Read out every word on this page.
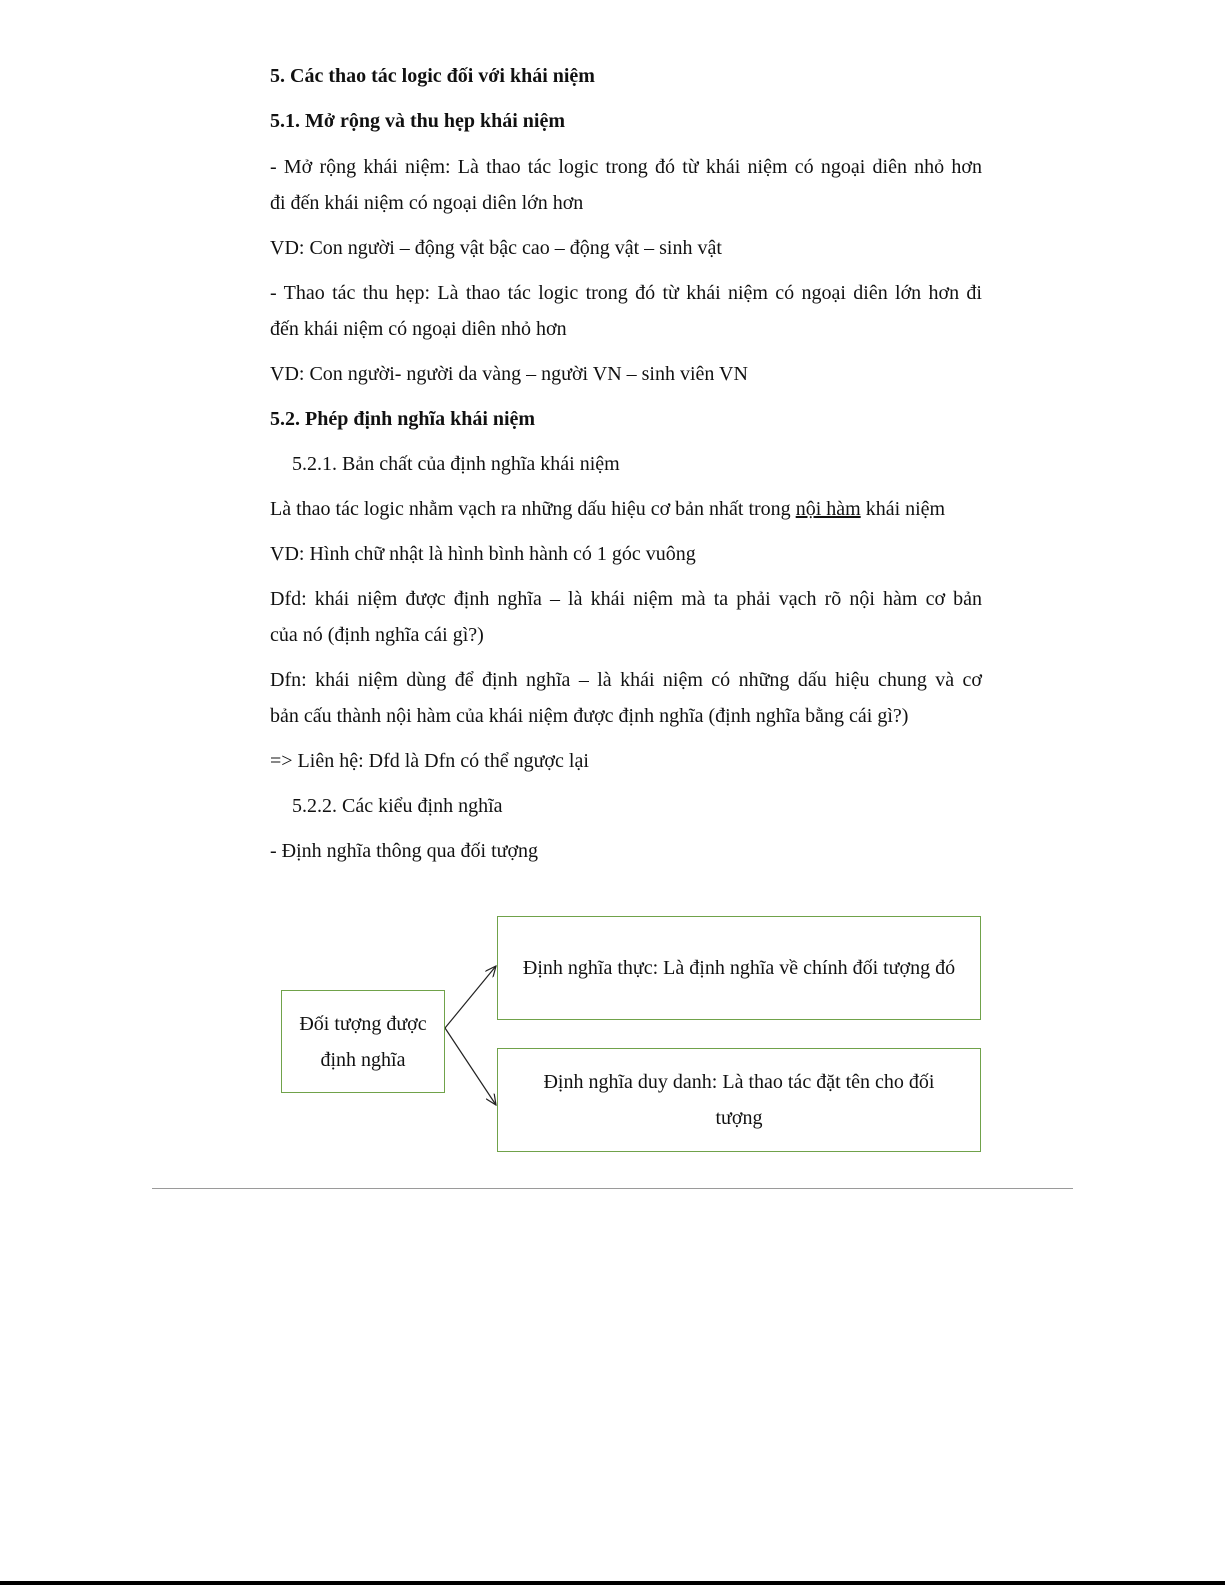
5. Các thao tác logic đối với khái niệm

5.1. Mở rộng và thu hẹp khái niệm

- Mở rộng khái niệm: Là thao tác logic trong đó từ khái niệm có ngoại diên nhỏ hơn

đi đến khái niệm có ngoại diên lớn hơn

VD: Con người – động vật bậc cao – động vật – sinh vật

- Thao tác thu hẹp: Là thao tác logic trong đó từ khái niệm có ngoại diên lớn hơn đi

đến khái niệm có ngoại diên nhỏ hơn

VD: Con người- người da vàng – người VN – sinh viên VN

5.2. Phép định nghĩa khái niệm

5.2.1. Bản chất của định nghĩa khái niệm

Là thao tác logic nhằm vạch ra những dấu hiệu cơ bản nhất trong nội hàm khái niệm

VD: Hình chữ nhật là hình bình hành có 1 góc vuông

Dfd: khái niệm được định nghĩa – là khái niệm mà ta phải vạch rõ nội hàm cơ bản

của nó (định nghĩa cái gì?)

Dfn: khái niệm dùng để định nghĩa – là khái niệm có những dấu hiệu chung và cơ

bản cấu thành nội hàm của khái niệm được định nghĩa (định nghĩa bằng cái gì?)

=> Liên hệ: Dfd là Dfn có thể ngược lại

5.2.2. Các kiểu định nghĩa

- Định nghĩa thông qua đối tượng

Đối tượng được
định nghĩa
Định nghĩa thực: Là định nghĩa về chính đối tượng đó
Định nghĩa duy danh: Là thao tác đặt tên cho đối
tượng
